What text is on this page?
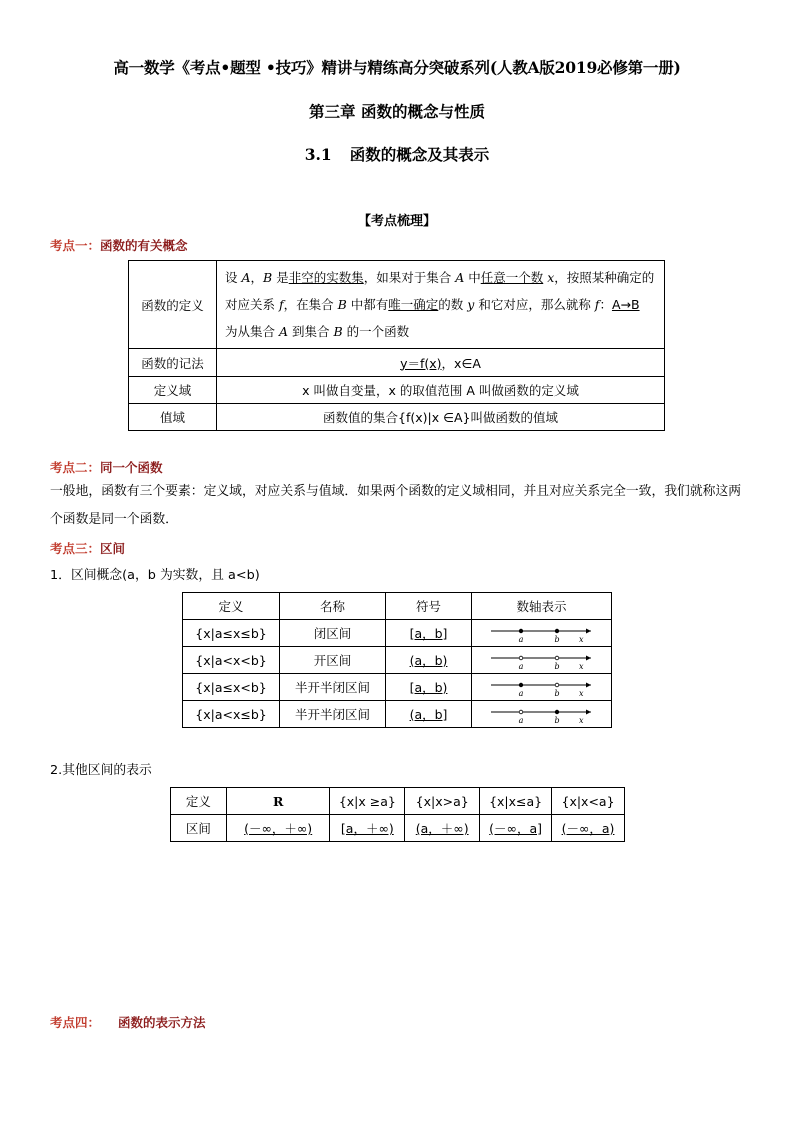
高一数学《考点•题型 •技巧》精讲与精练高分突破系列(人教A版2019必修第一册)
第三章 函数的概念与性质
3.1 函数的概念及其表示
【考点梳理】
考点一：函数的有关概念
函数的定义	设 A，B 是非空的实数集，如果对于集合 A 中任意一个数 x，按照某种确定的对应关系 f，在集合 B 中都有唯一确定的数 y 和它对应，那么就称 f：A→B 为从集合 A 到集合 B 的一个函数
函数的记法	y＝f(x)，x∈A
定义域	x 叫做自变量，x 的取值范围 A 叫做函数的定义域
值域	函数值的集合{f(x)|x ∈A}叫做函数的值域
考点二：同一个函数
一般地，函数有三个要素：定义域，对应关系与值域．如果两个函数的定义域相同，并且对应关系完全一致，我们就称这两个函数是同一个函数．
考点三：区间
1．区间概念(a，b 为实数，且 a<b)
定义	名称	符号	数轴表示
{x|a≤x≤b}	闭区间	[a，b]	a b x

{x|a<x<b}	开区间	(a，b)	a b x

{x|a≤x<b}	半开半闭区间	[a，b)	a b x

{x|a<x≤b}	半开半闭区间	(a，b]	a b x
2.其他区间的表示
定义	R	{x|x ≥a}	{x|x>a}	{x|x≤a}	{x|x<a}
区间	(－∞，＋∞)	[a，＋∞)	(a，＋∞)	(－∞，a]	(－∞，a)
考点四： 函数的表示方法
